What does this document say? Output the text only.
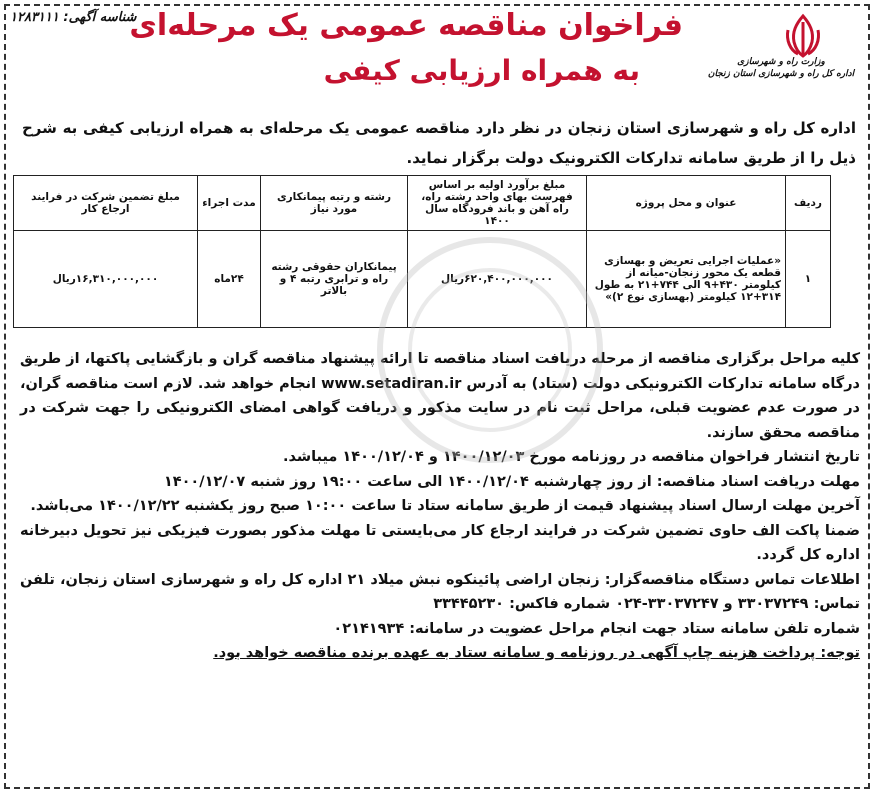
شناسه آگهی: ۱۲۸۳۱۱۱
فراخوان مناقصه عمومی یک مرحله‌ای
به همراه ارزیابی کیفی	وزارت راه و شهرسازی
اداره کل راه و شهرسازی استان زنجان
اداره کل راه و شهرسازی استان زنجان در نظر دارد مناقصه عمومی یک مرحله‌ای به همراه ارزیابی کیفی به شرح ذیل را از طریق سامانه تدارکات الکترونیک دولت برگزار نماید.
ردیف	عنوان و محل پروژه	مبلغ برآورد اولیه بر اساس فهرست بهای واحد رشته راه، راه آهن و باند فرودگاه سال ۱۴۰۰	رشته و رتبه پیمانکاری مورد نیاز	مدت اجراء	مبلغ تضمین شرکت در فرایند ارجاع کار
۱	«عملیات اجرایی تعریض و بهسازی قطعه یک محور زنجان-میانه از کیلومتر ۴۳۰+۹ الی ۷۴۴+۲۱ به طول ۳۱۴+۱۲ کیلومتر (بهسازی نوع ۲)»	۶۲۰,۴۰۰,۰۰۰,۰۰۰ریال	پیمانکاران حقوقی رشته راه و ترابری رتبه ۴ و بالاتر	۲۴ماه	۱۶,۳۱۰,۰۰۰,۰۰۰ریال

کلیه مراحل برگزاری مناقصه از مرحله دریافت اسناد مناقصه تا ارائه پیشنهاد مناقصه گران و بازگشایی پاکتها، از طریق درگاه سامانه تدارکات الکترونیکی دولت (ستاد) به آدرس www.setadiran.ir انجام خواهد شد. لازم است مناقصه گران، در صورت عدم عضویت قبلی، مراحل ثبت نام در سایت مذکور و دریافت گواهی امضای الکترونیکی را جهت شرکت در مناقصه محقق سازند.

تاریخ انتشار فراخوان مناقصه در روزنامه مورخ ۱۴۰۰/۱۲/۰۳ و ۱۴۰۰/۱۲/۰۴ میباشد.

مهلت دریافت اسناد مناقصه: از روز چهارشنبه ۱۴۰۰/۱۲/۰۴ الی ساعت ۱۹:۰۰ روز شنبه ۱۴۰۰/۱۲/۰۷

آخرین مهلت ارسال اسناد پیشنهاد قیمت از طریق سامانه ستاد تا ساعت ۱۰:۰۰ صبح روز یکشنبه ۱۴۰۰/۱۲/۲۲ می‌باشد.

ضمنا پاکت الف حاوی تضمین شرکت در فرایند ارجاع کار می‌بایستی تا مهلت مذکور بصورت فیزیکی نیز تحویل دبیرخانه اداره کل گردد.

اطلاعات تماس دستگاه مناقصه‌گزار: زنجان اراضی پائینکوه نبش میلاد ۲۱ اداره کل راه و شهرسازی استان زنجان، تلفن تماس: ۳۳۰۳۷۲۴۹ و ۳۳۰۳۷۲۴۷-۰۲۴ شماره فاکس: ۳۳۴۴۵۲۳۰

شماره تلفن سامانه ستاد جهت انجام مراحل عضویت در سامانه: ۰۲۱۴۱۹۳۴

توجه: پرداخت هزینه چاپ آگهی در روزنامه و سامانه ستاد به عهده برنده مناقصه خواهد بود.
